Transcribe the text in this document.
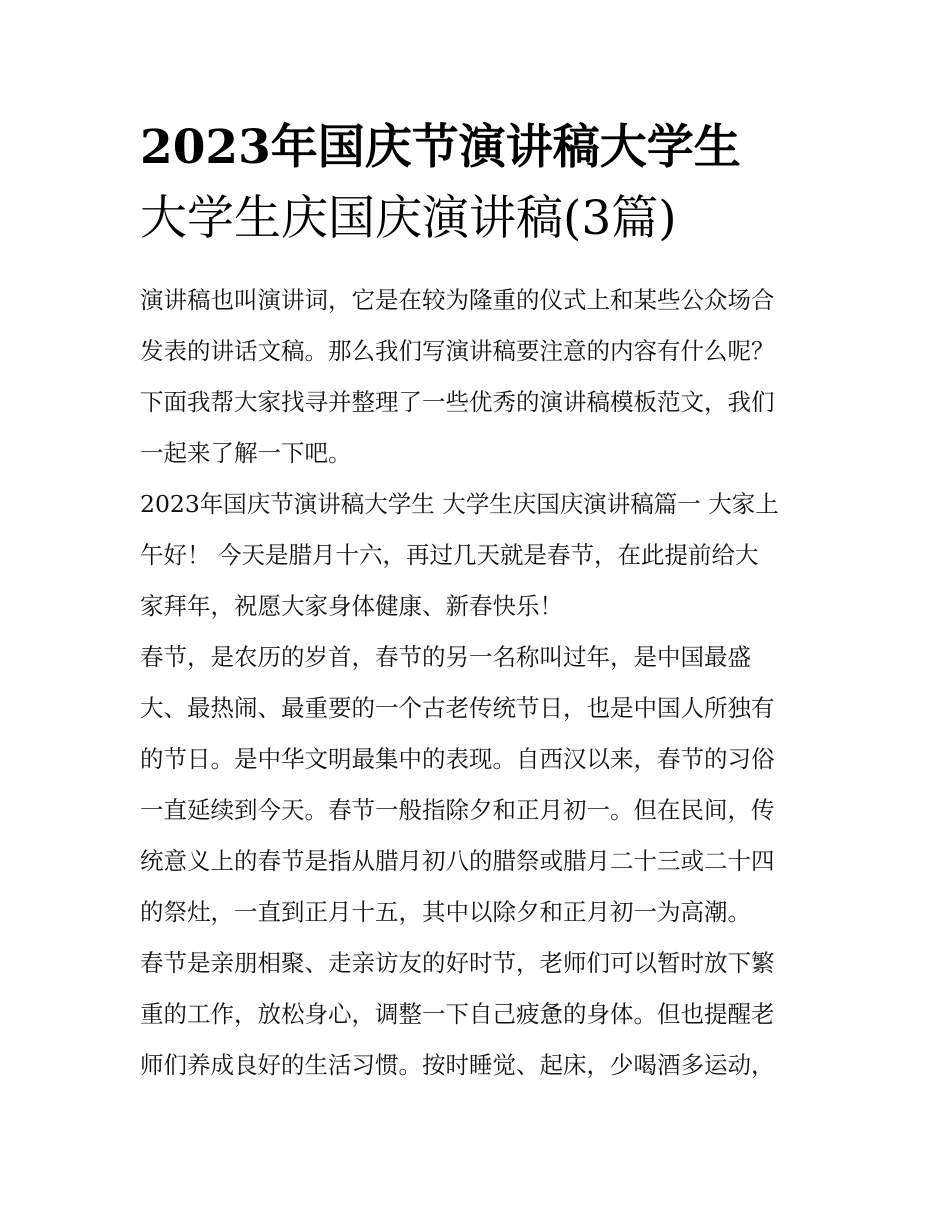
2023年国庆节演讲稿大学生
大学生庆国庆演讲稿(3篇)

演讲稿也叫演讲词，它是在较为隆重的仪式上和某些公众场合
发表的讲话文稿。那么我们写演讲稿要注意的内容有什么呢？
下面我帮大家找寻并整理了一些优秀的演讲稿模板范文，我们
一起来了解一下吧。

2023年国庆节演讲稿大学生 大学生庆国庆演讲稿篇一 大家上
午好！ 今天是腊月十六，再过几天就是春节，在此提前给大
家拜年，祝愿大家身体健康、新春快乐！

春节，是农历的岁首，春节的另一名称叫过年，是中国最盛
大、最热闹、最重要的一个古老传统节日，也是中国人所独有
的节日。是中华文明最集中的表现。自西汉以来，春节的习俗
一直延续到今天。春节一般指除夕和正月初一。但在民间，传
统意义上的春节是指从腊月初八的腊祭或腊月二十三或二十四
的祭灶，一直到正月十五，其中以除夕和正月初一为高潮。

春节是亲朋相聚、走亲访友的好时节，老师们可以暂时放下繁
重的工作，放松身心，调整一下自己疲惫的身体。但也提醒老
师们养成良好的生活习惯。按时睡觉、起床，少喝酒多运动，
